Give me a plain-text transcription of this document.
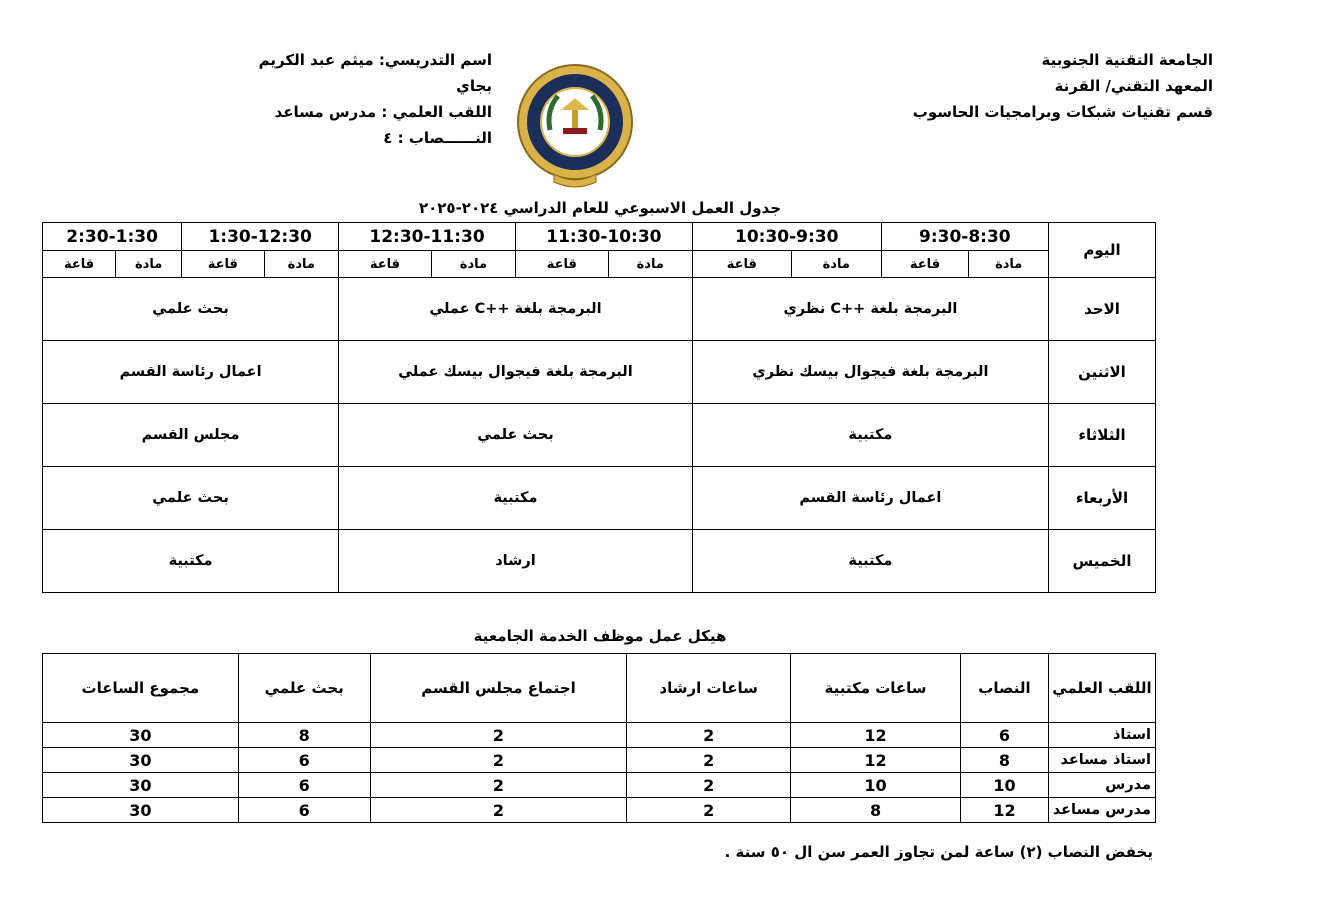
الجامعة التقنية الجنوبية
المعهد التقني/ القرنة
قسم تقنيات شبكات وبرامجيات الحاسوب
اسم التدريسي: ميثم عبد الكريم بجاي
اللقب العلمي : مدرس مساعد
النــــــصاب : ٤
جدول العمل الاسبوعي للعام الدراسي ٢٠٢٤-٢٠٢٥
اليوم	9:30-8:30		10:30-9:30		11:30-10:30		12:30-11:30		1:30-12:30		2:30-1:30	
	مادة	قاعة	مادة	قاعة	مادة	قاعة	مادة	قاعة	مادة	قاعة	مادة	قاعة
الاحد	البرمجة بلغة ++C نظري				البرمجة بلغة ++C عملي				بحث علمي			
الاثنين	البرمجة بلغة فيجوال بيسك نظري				البرمجة بلغة فيجوال بيسك عملي				اعمال رئاسة القسم			
الثلاثاء	مكتبية				بحث علمي				مجلس القسم			
الأربعاء	اعمال رئاسة القسم				مكتبية				بحث علمي			
الخميس	مكتبية				ارشاد				مكتبية			
هيكل عمل موظف الخدمة الجامعية
اللقب العلمي	النصاب	ساعات مكتبية	ساعات ارشاد	اجتماع مجلس القسم	بحث علمي	مجموع الساعات
استاذ	6	12	2	2	8	30
استاذ مساعد	8	12	2	2	6	30
مدرس	10	10	2	2	6	30
مدرس مساعد	12	8	2	2	6	30
يخفض النصاب (٢) ساعة لمن تجاوز العمر سن ال ٥٠ سنة .
